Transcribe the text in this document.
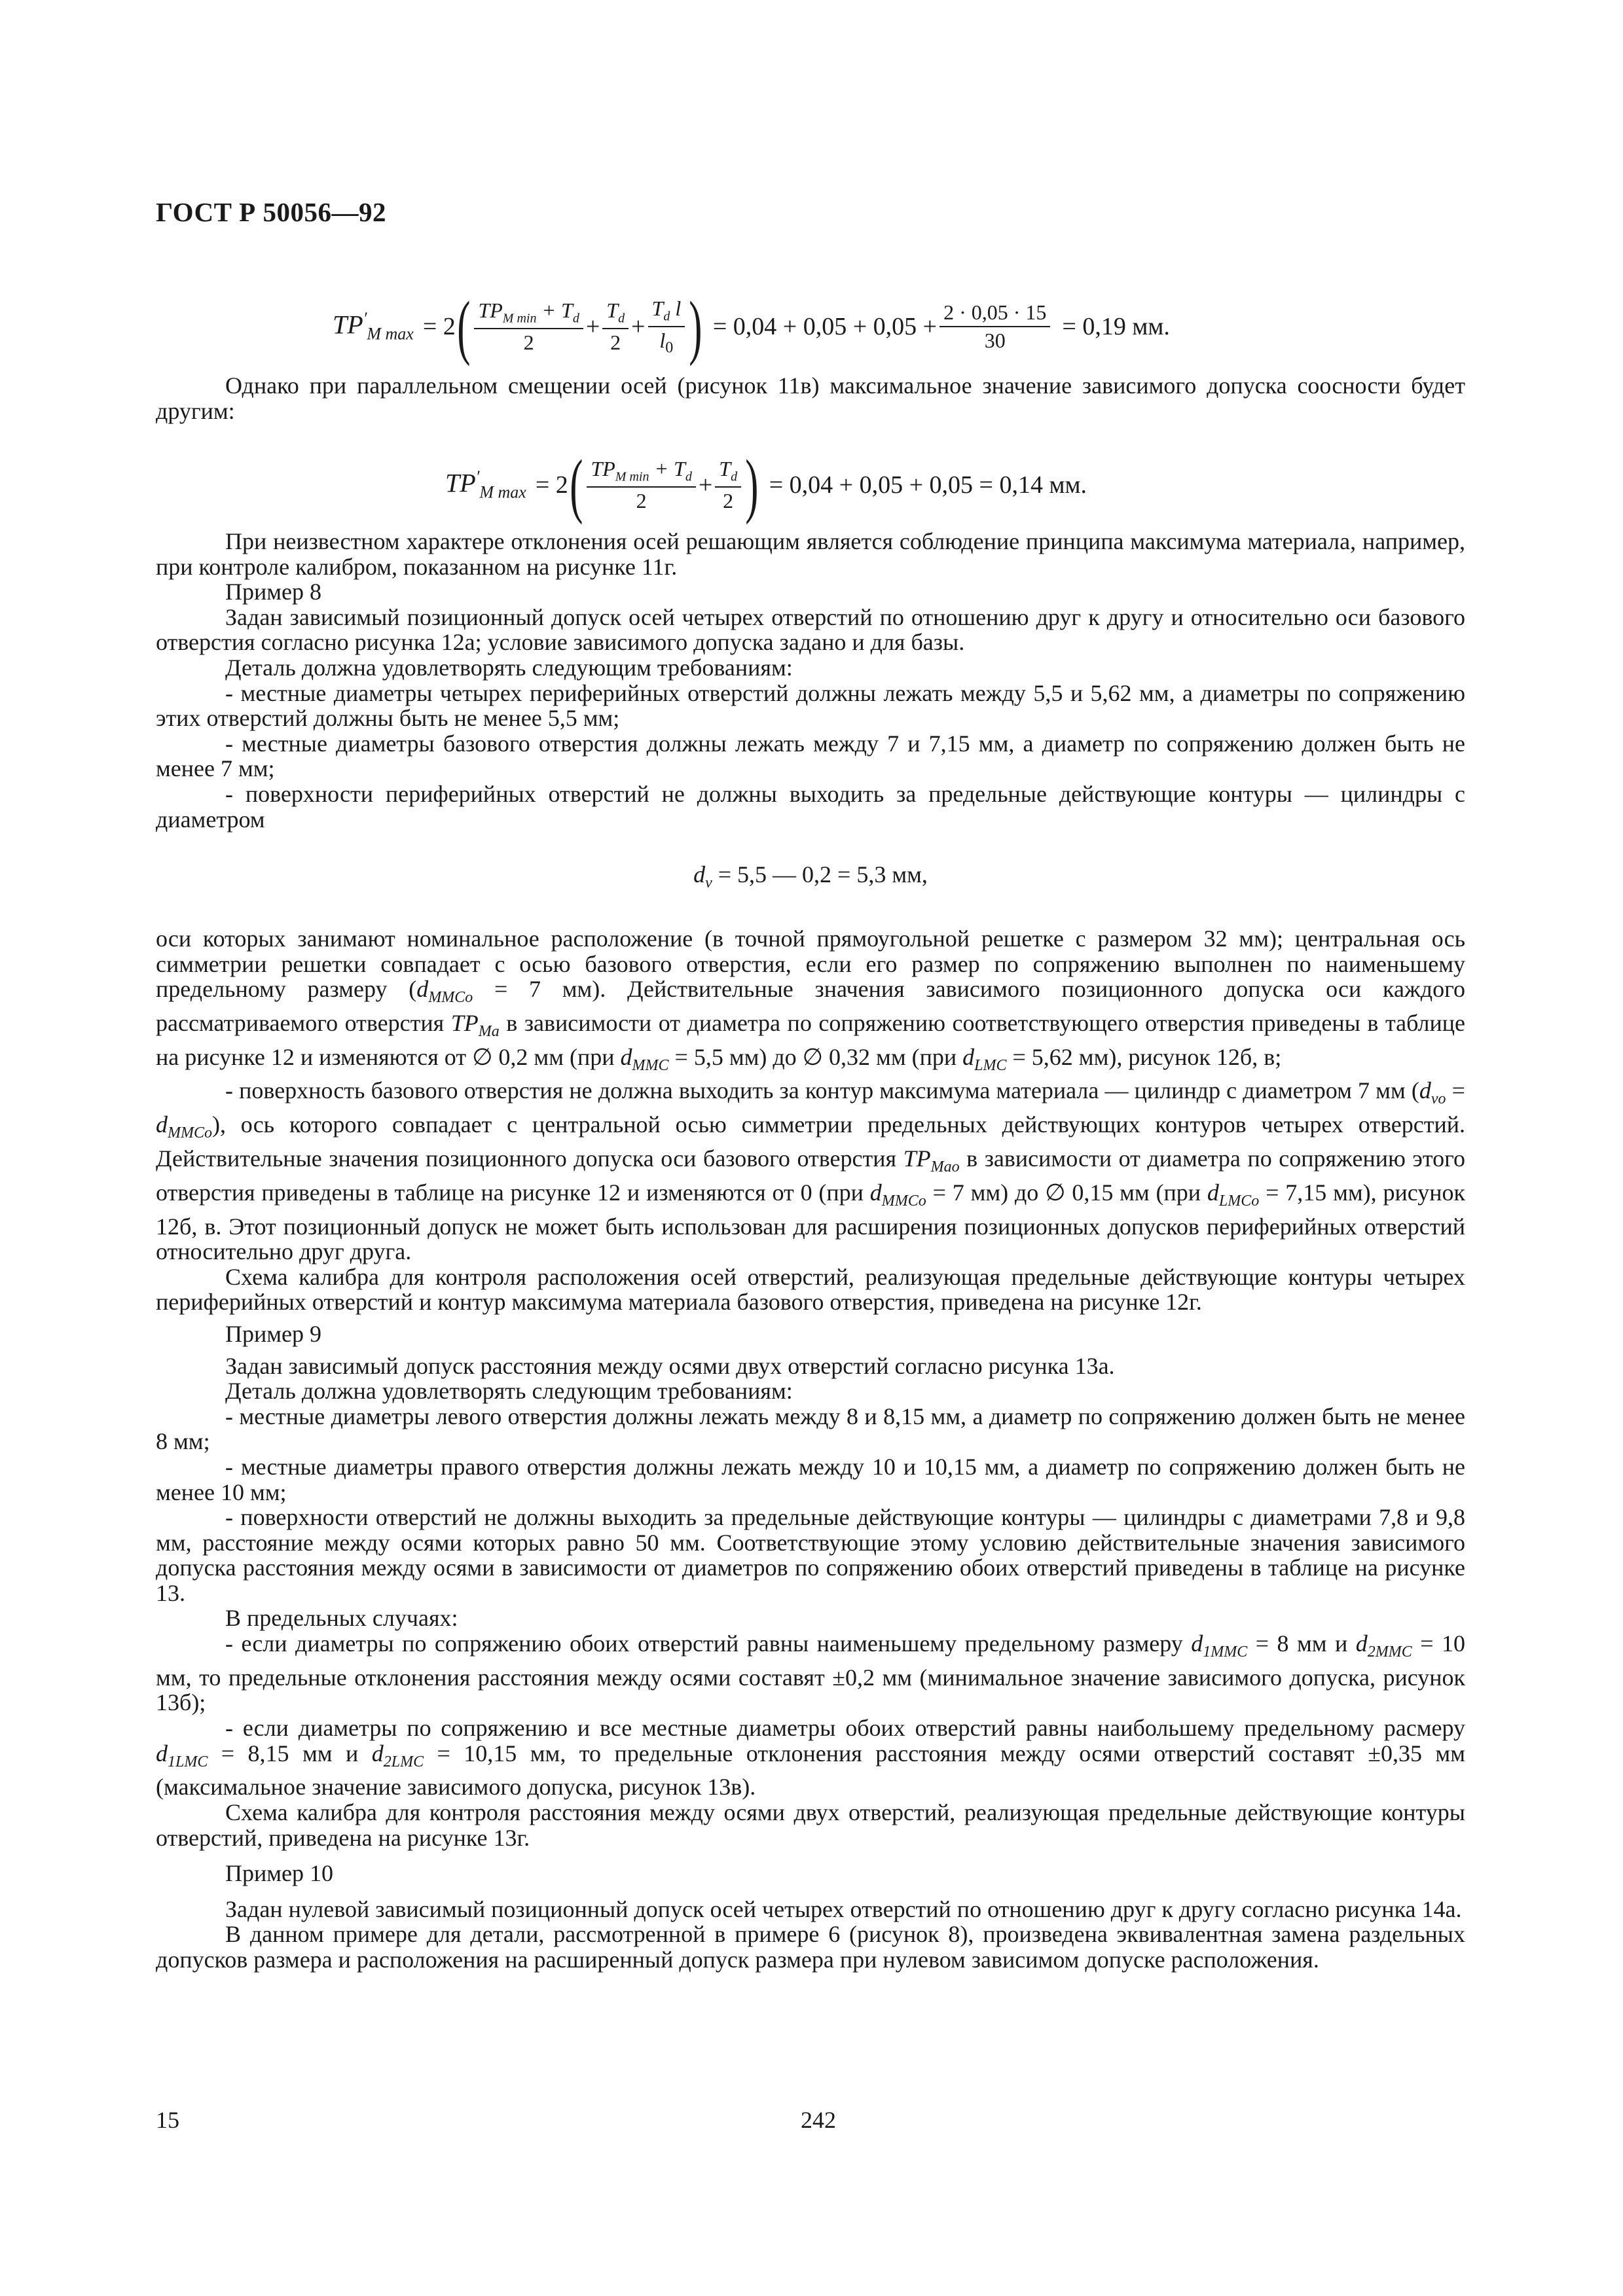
ГОСТ Р 50056—92
$TP'_{M max} = 2$ ( $\frac{TP_{M min} + T_d}{2} + \frac{T_d}{2} + \frac{T_d l}{l_0}$ ) = $0,04 + 0,05 + 0,05 + \frac{2 \cdot 0,05 \cdot 15}{30} = 0,19$ мм.
$TP'_{M max} = 2$ ( $\frac{TP_{M min} + T_d}{2} + \frac{T_d}{2}$ ) = 0,04 + 0,05 + 0,05 = 0,14 мм.

Однако при параллельном смещении осей (рисунок 11в) максимальное значение зависимого допуска соосности будет другим:

При неизвестном характере отклонения осей решающим является соблюдение принципа максимума материала, например, при контроле калибром, показанном на рисунке 11г.

Пример 8

Задан зависимый позиционный допуск осей четырех отверстий по отношению друг к другу и относительно оси базового отверстия согласно рисунка 12а; условие зависимого допуска задано и для базы.

Деталь должна удовлетворять следующим требованиям:

- местные диаметры четырех периферийных отверстий должны лежать между 5,5 и 5,62 мм, а диаметры по сопряжению этих отверстий должны быть не менее 5,5 мм;

- местные диаметры базового отверстия должны лежать между 7 и 7,15 мм, а диаметр по сопряжению должен быть не менее 7 мм;

- поверхности периферийных отверстий не должны выходить за предельные действующие контуры — цилиндры с диаметром

$d_v = 5,5$ — 0,2 = 5,3 мм,

оси которых занимают номинальное расположение (в точной прямоугольной решетке с размером 32 мм); центральная ось симметрии решетки совпадает с осью базового отверстия, если его размер по сопряжению выполнен по наименьшему предельному размеру ($d_{MMCo} = 7$ мм). Действительные значения зависимого позиционного допуска оси каждого рассматриваемого отверстия $TP_{Ma}$ в зависимости от диаметра по сопряжению соответствующего отверстия приведены в таблице на рисунке 12 и изменяются от ∅ 0,2 мм (при $d_{MMC} = 5,5$ мм) до ∅ 0,32 мм (при $d_{LMC} = 5,62$ мм), рисунок 12б, в;

- поверхность базового отверстия не должна выходить за контур максимума материала — цилиндр с диаметром 7 мм $(d_{vo} = d_{MMCo})$, ось которого совпадает с центральной осью симметрии предельных действующих контуров четырех отверстий. Действительные значения позиционного допуска оси базового отверстия $TP_{Mao}$ в зависимости от диаметра по сопряжению этого отверстия приведены в таблице на рисунке 12 и изменяются от 0 (при $d_{MMCo} = 7$ мм) до ∅ 0,15 мм (при $d_{LMCo} = 7,15$ мм), рисунок 12б, в. Этот позиционный допуск не может быть использован для расширения позиционных допусков периферийных отверстий относительно друг друга.

Схема калибра для контроля расположения осей отверстий, реализующая предельные действующие контуры четырех периферийных отверстий и контур максимума материала базового отверстия, приведена на рисунке 12г.

Пример 9

Задан зависимый допуск расстояния между осями двух отверстий согласно рисунка 13а.

Деталь должна удовлетворять следующим требованиям:

- местные диаметры левого отверстия должны лежать между 8 и 8,15 мм, а диаметр по сопряжению должен быть не менее 8 мм;

- местные диаметры правого отверстия должны лежать между 10 и 10,15 мм, а диаметр по сопряжению должен быть не менее 10 мм;

- поверхности отверстий не должны выходить за предельные действующие контуры — цилиндры с диаметрами 7,8 и 9,8 мм, расстояние между осями которых равно 50 мм. Соответствующие этому условию действительные значения зависимого допуска расстояния между осями в зависимости от диаметров по сопряжению обоих отверстий приведены в таблице на рисунке 13.

В предельных случаях:

- если диаметры по сопряжению обоих отверстий равны наименьшему предельному размеру $d_{1MMC} = 8$ мм и $d_{2MMC} = 10$ мм, то предельные отклонения расстояния между осями составят ±0,2 мм (минимальное значение зависимого допуска, рисунок 13б);

- если диаметры по сопряжению и все местные диаметры обоих отверстий равны наибольшему предельному расмеру $d_{1LMC} = 8,15$ мм и $d_{2LMC} = 10,15$ мм, то предельные отклонения расстояния между осями отверстий составят ±0,35 мм (максимальное значение зависимого допуска, рисунок 13в).

Схема калибра для контроля расстояния между осями двух отверстий, реализующая предельные действующие контуры отверстий, приведена на рисунке 13г.

Пример 10

Задан нулевой зависимый позиционный допуск осей четырех отверстий по отношению друг к другу согласно рисунка 14а.

В данном примере для детали, рассмотренной в примере 6 (рисунок 8), произведена эквивалентная замена раздельных допусков размера и расположения на расширенный допуск размера при нулевом зависимом допуске расположения.

15	242
